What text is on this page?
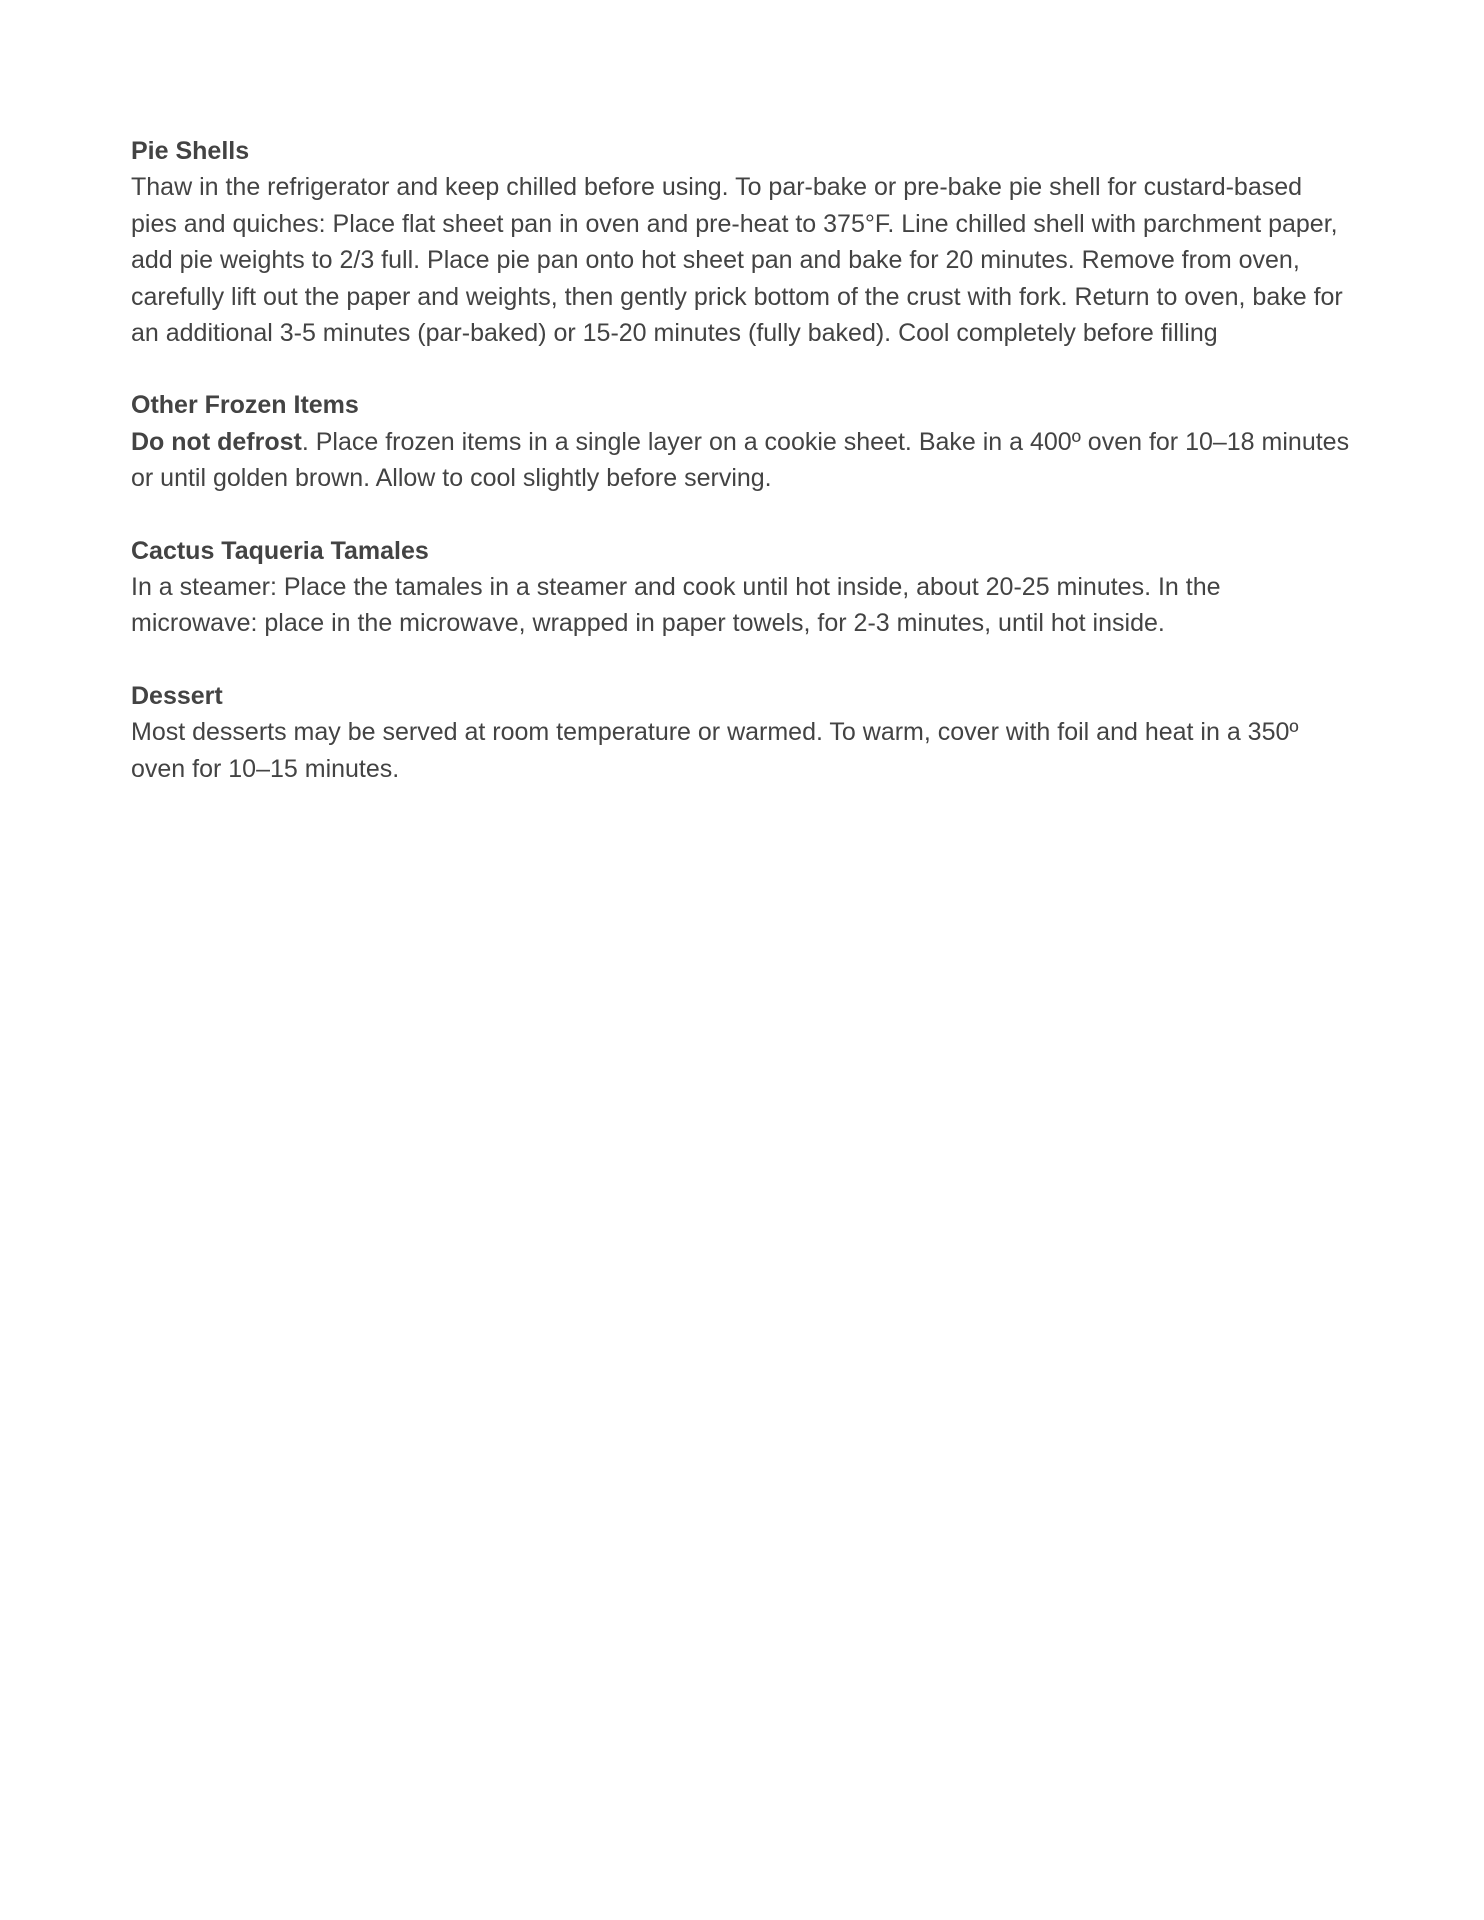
Pie Shells

Thaw in the refrigerator and keep chilled before using. To par-bake or pre-bake pie shell for custard-based pies and quiches: Place flat sheet pan in oven and pre-heat to 375°F. Line chilled shell with parchment paper, add pie weights to 2/3 full. Place pie pan onto hot sheet pan and bake for 20 minutes. Remove from oven, carefully lift out the paper and weights, then gently prick bottom of the crust with fork. Return to oven, bake for an additional 3-5 minutes (par-baked) or 15-20 minutes (fully baked). Cool completely before filling

Other Frozen Items

Do not defrost. Place frozen items in a single layer on a cookie sheet. Bake in a 400º oven for 10–18 minutes or until golden brown. Allow to cool slightly before serving.

Cactus Taqueria Tamales

In a steamer: Place the tamales in a steamer and cook until hot inside, about 20-25 minutes. In the microwave: place in the microwave, wrapped in paper towels, for 2-3 minutes, until hot inside.

Dessert

Most desserts may be served at room temperature or warmed. To warm, cover with foil and heat in a 350º oven for 10–15 minutes.
